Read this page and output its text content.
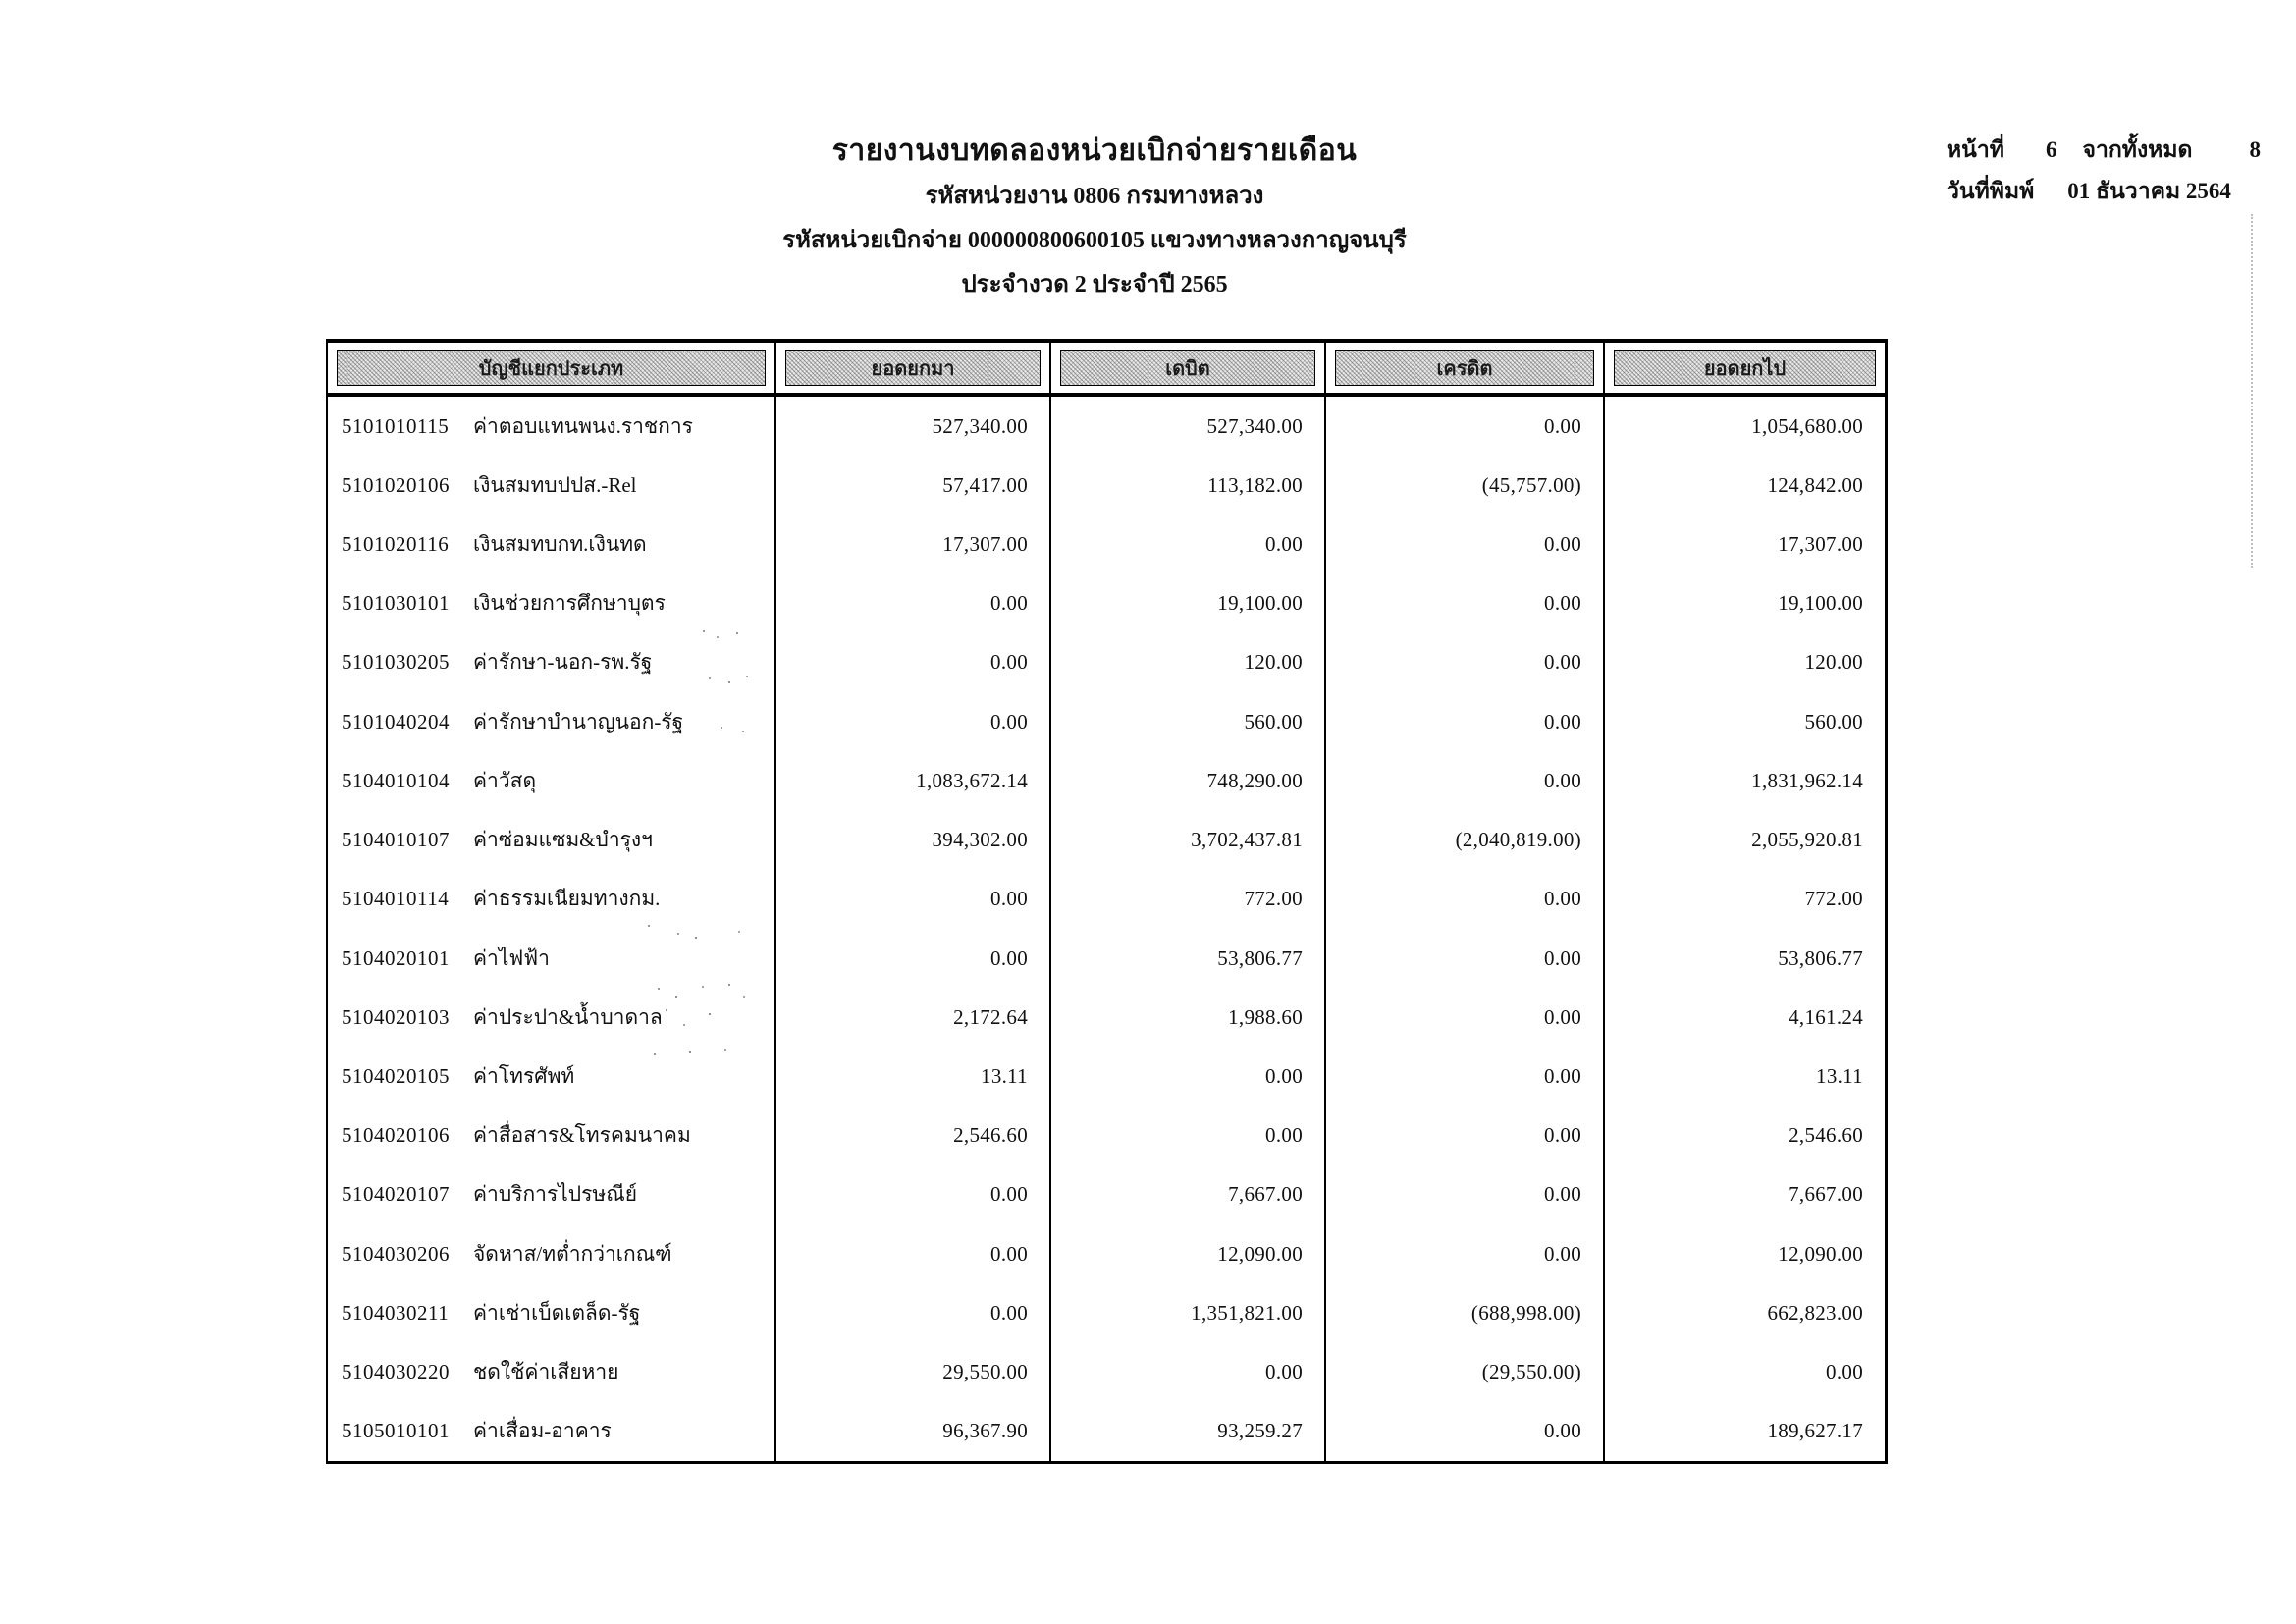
รายงานงบทดลองหน่วยเบิกจ่ายรายเดือน
รหัสหน่วยงาน 0806 กรมทางหลวง
รหัสหน่วยเบิกจ่าย 000000800600105 แขวงทางหลวงกาญจนบุรี
ประจำงวด 2 ประจำปี 2565
หน้าที่ 6 จากทั้งหมด	8
วันที่พิมพ์ 01 ธันวาคม 2564
บัญชีแยกประเภท	ยอดยกมา	เดบิต	เครดิต	ยอดยกไป
5101010115	ค่าตอบแทนพนง.ราชการ	527,340.00	527,340.00	0.00	1,054,680.00
5101020106	เงินสมทบปปส.-Rel	57,417.00	113,182.00	(45,757.00)	124,842.00
5101020116	เงินสมทบกท.เงินทด	17,307.00	0.00	0.00	17,307.00
5101030101	เงินช่วยการศึกษาบุตร	0.00	19,100.00	0.00	19,100.00
5101030205	ค่ารักษา-นอก-รพ.รัฐ	0.00	120.00	0.00	120.00
5101040204	ค่ารักษาบำนาญนอก-รัฐ	0.00	560.00	0.00	560.00
5104010104	ค่าวัสดุ	1,083,672.14	748,290.00	0.00	1,831,962.14
5104010107	ค่าซ่อมแซม&บำรุงฯ	394,302.00	3,702,437.81	(2,040,819.00)	2,055,920.81
5104010114	ค่าธรรมเนียมทางกม.	0.00	772.00	0.00	772.00
5104020101	ค่าไฟฟ้า	0.00	53,806.77	0.00	53,806.77
5104020103	ค่าประปา&น้ำบาดาล	2,172.64	1,988.60	0.00	4,161.24
5104020105	ค่าโทรศัพท์	13.11	0.00	0.00	13.11
5104020106	ค่าสื่อสาร&โทรคมนาคม	2,546.60	0.00	0.00	2,546.60
5104020107	ค่าบริการไปรษณีย์	0.00	7,667.00	0.00	7,667.00
5104030206	จัดหาส/ทต่ำกว่าเกณฑ์	0.00	12,090.00	0.00	12,090.00
5104030211	ค่าเช่าเบ็ดเตล็ด-รัฐ	0.00	1,351,821.00	(688,998.00)	662,823.00
5104030220	ชดใช้ค่าเสียหาย	29,550.00	0.00	(29,550.00)	0.00
5105010101	ค่าเสื่อม-อาคาร	96,367.90	93,259.27	0.00	189,627.17
